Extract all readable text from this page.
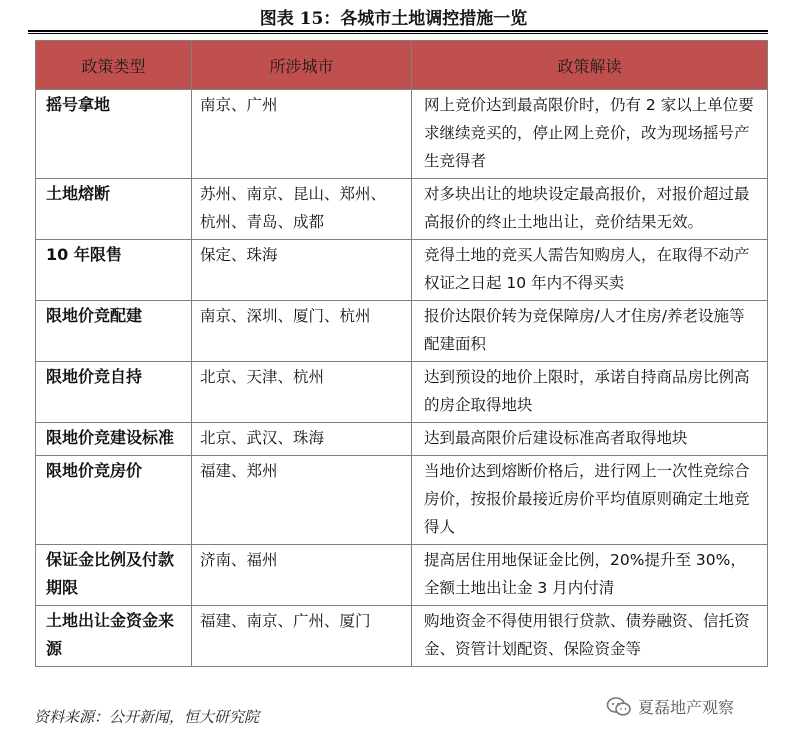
图表 15：各城市土地调控措施一览
政策类型	所涉城市	政策解读
摇号拿地	南京、广州	网上竞价达到最高限价时，仍有 2 家以上单位要求继续竞买的，停止网上竞价，改为现场摇号产生竞得者
土地熔断	苏州、南京、昆山、郑州、杭州、青岛、成都	对多块出让的地块设定最高报价，对报价超过最高报价的终止土地出让，竞价结果无效。
10 年限售	保定、珠海	竞得土地的竞买人需告知购房人，在取得不动产权证之日起 10 年内不得买卖
限地价竞配建	南京、深圳、厦门、杭州	报价达限价转为竞保障房/人才住房/养老设施等配建面积
限地价竞自持	北京、天津、杭州	达到预设的地价上限时，承诺自持商品房比例高的房企取得地块
限地价竞建设标准	北京、武汉、珠海	达到最高限价后建设标准高者取得地块
限地价竞房价	福建、郑州	当地价达到熔断价格后，进行网上一次性竞综合房价，按报价最接近房价平均值原则确定土地竞得人
保证金比例及付款期限	济南、福州	提高居住用地保证金比例，20%提升至 30%，全额土地出让金 3 月内付清
土地出让金资金来源	福建、南京、广州、厦门	购地资金不得使用银行贷款、债券融资、信托资金、资管计划配资、保险资金等
资料来源：公开新闻，恒大研究院	夏磊地产观察
